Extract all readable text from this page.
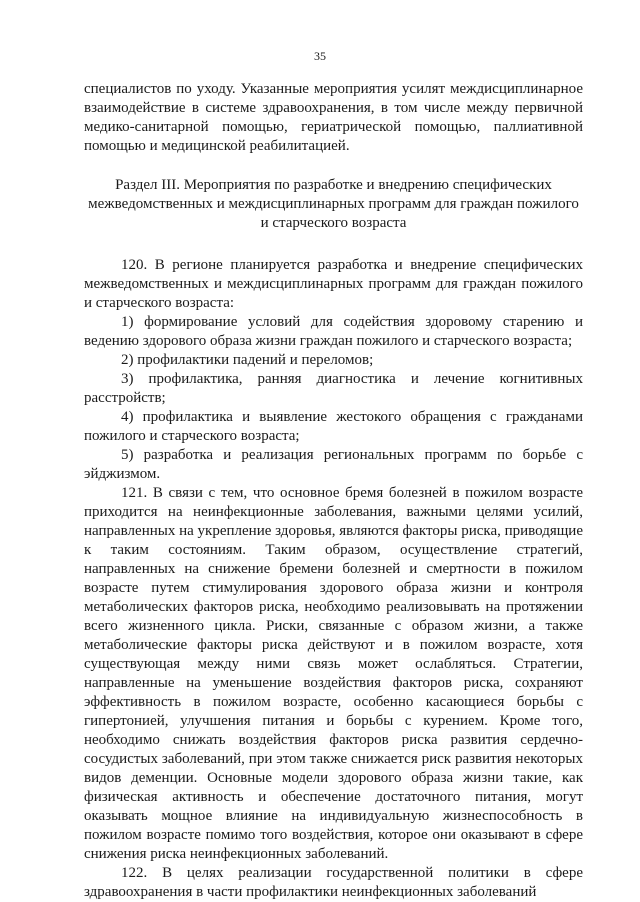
35

специалистов по уходу. Указанные мероприятия усилят междисциплинарное взаимодействие в системе здравоохранения, в том числе между первичной медико-санитарной помощью, гериатрической помощью, паллиативной помощью и медицинской реабилитацией.

Раздел III. Мероприятия по разработке и внедрению специфических межведомственных и междисциплинарных программ для граждан пожилого и старческого возраста

120. В регионе планируется разработка и внедрение специфических межведомственных и междисциплинарных программ для граждан пожилого и старческого возраста:

1) формирование условий для содействия здоровому старению и ведению здорового образа жизни граждан пожилого и старческого возраста;

2) профилактики падений и переломов;

3) профилактика, ранняя диагностика и лечение когнитивных расстройств;

4) профилактика и выявление жестокого обращения с гражданами пожилого и старческого возраста;

5) разработка и реализация региональных программ по борьбе с эйджизмом.

121. В связи с тем, что основное бремя болезней в пожилом возрасте приходится на неинфекционные заболевания, важными целями усилий, направленных на укрепление здоровья, являются факторы риска, приводящие к таким состояниям. Таким образом, осуществление стратегий, направленных на снижение бремени болезней и смертности в пожилом возрасте путем стимулирования здорового образа жизни и контроля метаболических факторов риска, необходимо реализовывать на протяжении всего жизненного цикла. Риски, связанные с образом жизни, а также метаболические факторы риска действуют и в пожилом возрасте, хотя существующая между ними связь может ослабляться. Стратегии, направленные на уменьшение воздействия факторов риска, сохраняют эффективность в пожилом возрасте, особенно касающиеся борьбы с гипертонией, улучшения питания и борьбы с курением. Кроме того, необходимо снижать воздействия факторов риска развития сердечно-сосудистых заболеваний, при этом также снижается риск развития некоторых видов деменции. Основные модели здорового образа жизни такие, как физическая активность и обеспечение достаточного питания, могут оказывать мощное влияние на индивидуальную жизнеспособность в пожилом возрасте помимо того воздействия, которое они оказывают в сфере снижения риска неинфекционных заболеваний.

122. В целях реализации государственной политики в сфере здравоохранения в части профилактики неинфекционных заболеваний
